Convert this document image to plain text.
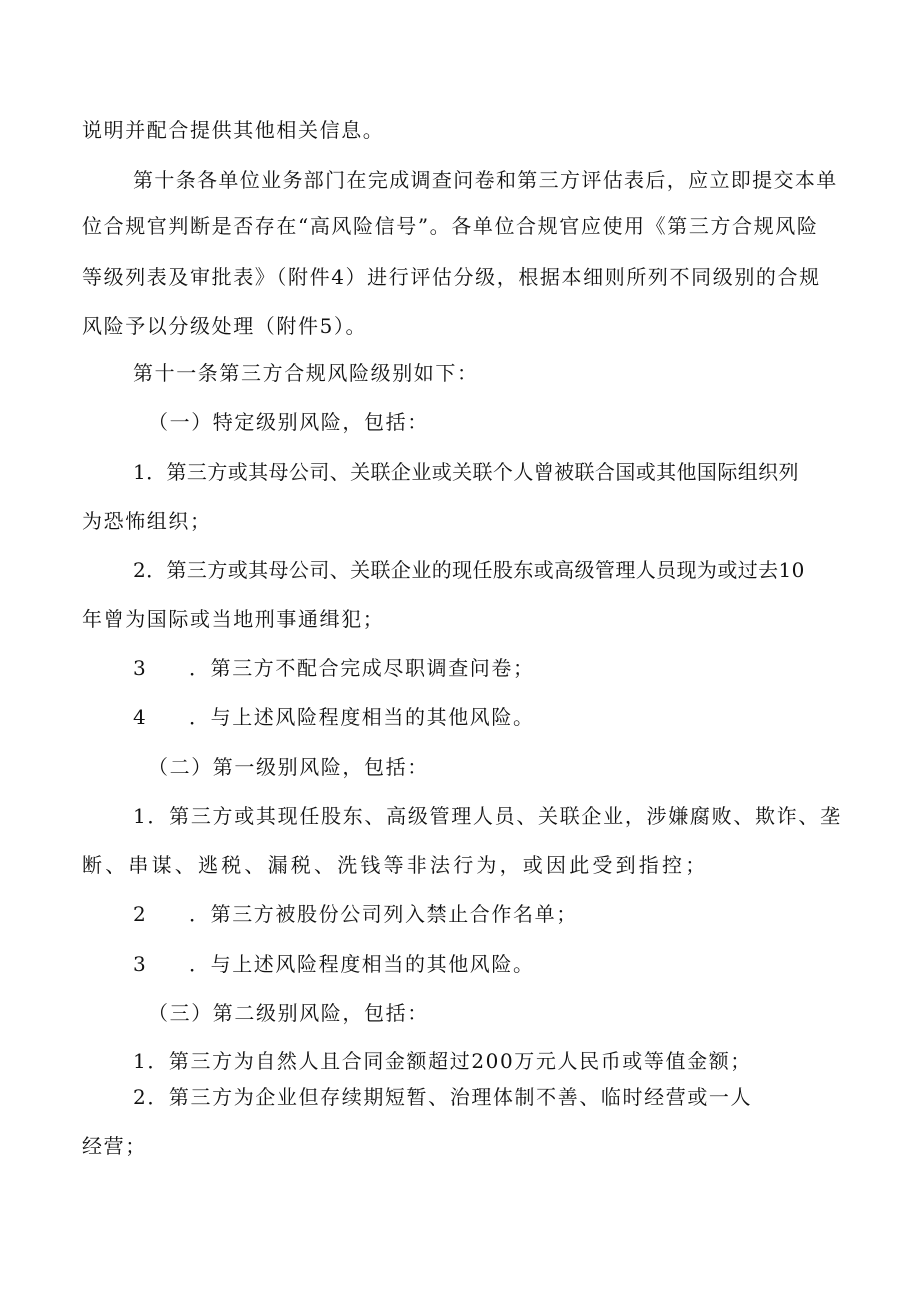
说明并配合提供其他相关信息。

第十条各单位业务部门在完成调查问卷和第三方评估表后，应立即提交本单

位合规官判断是否存在“高风险信号”。各单位合规官应使用《第三方合规风险

等级列表及审批表》（附件4）进行评估分级，根据本细则所列不同级别的合规

风险予以分级处理（附件5）。

第十一条第三方合规风险级别如下：

（一）特定级别风险，包括：

1．第三方或其母公司、关联企业或关联个人曾被联合国或其他国际组织列

为恐怖组织；

2．第三方或其母公司、关联企业的现任股东或高级管理人员现为或过去10

年曾为国际或当地刑事通缉犯；

3 ．第三方不配合完成尽职调查问卷；

4 ．与上述风险程度相当的其他风险。

（二）第一级别风险，包括：

1．第三方或其现任股东、高级管理人员、关联企业，涉嫌腐败、欺诈、垄

断、串谋、逃税、漏税、洗钱等非法行为，或因此受到指控；

2 ．第三方被股份公司列入禁止合作名单；

3 ．与上述风险程度相当的其他风险。

（三）第二级别风险，包括：

1．第三方为自然人且合同金额超过200万元人民币或等值金额；

2．第三方为企业但存续期短暂、治理体制不善、临时经营或一人

经营；
